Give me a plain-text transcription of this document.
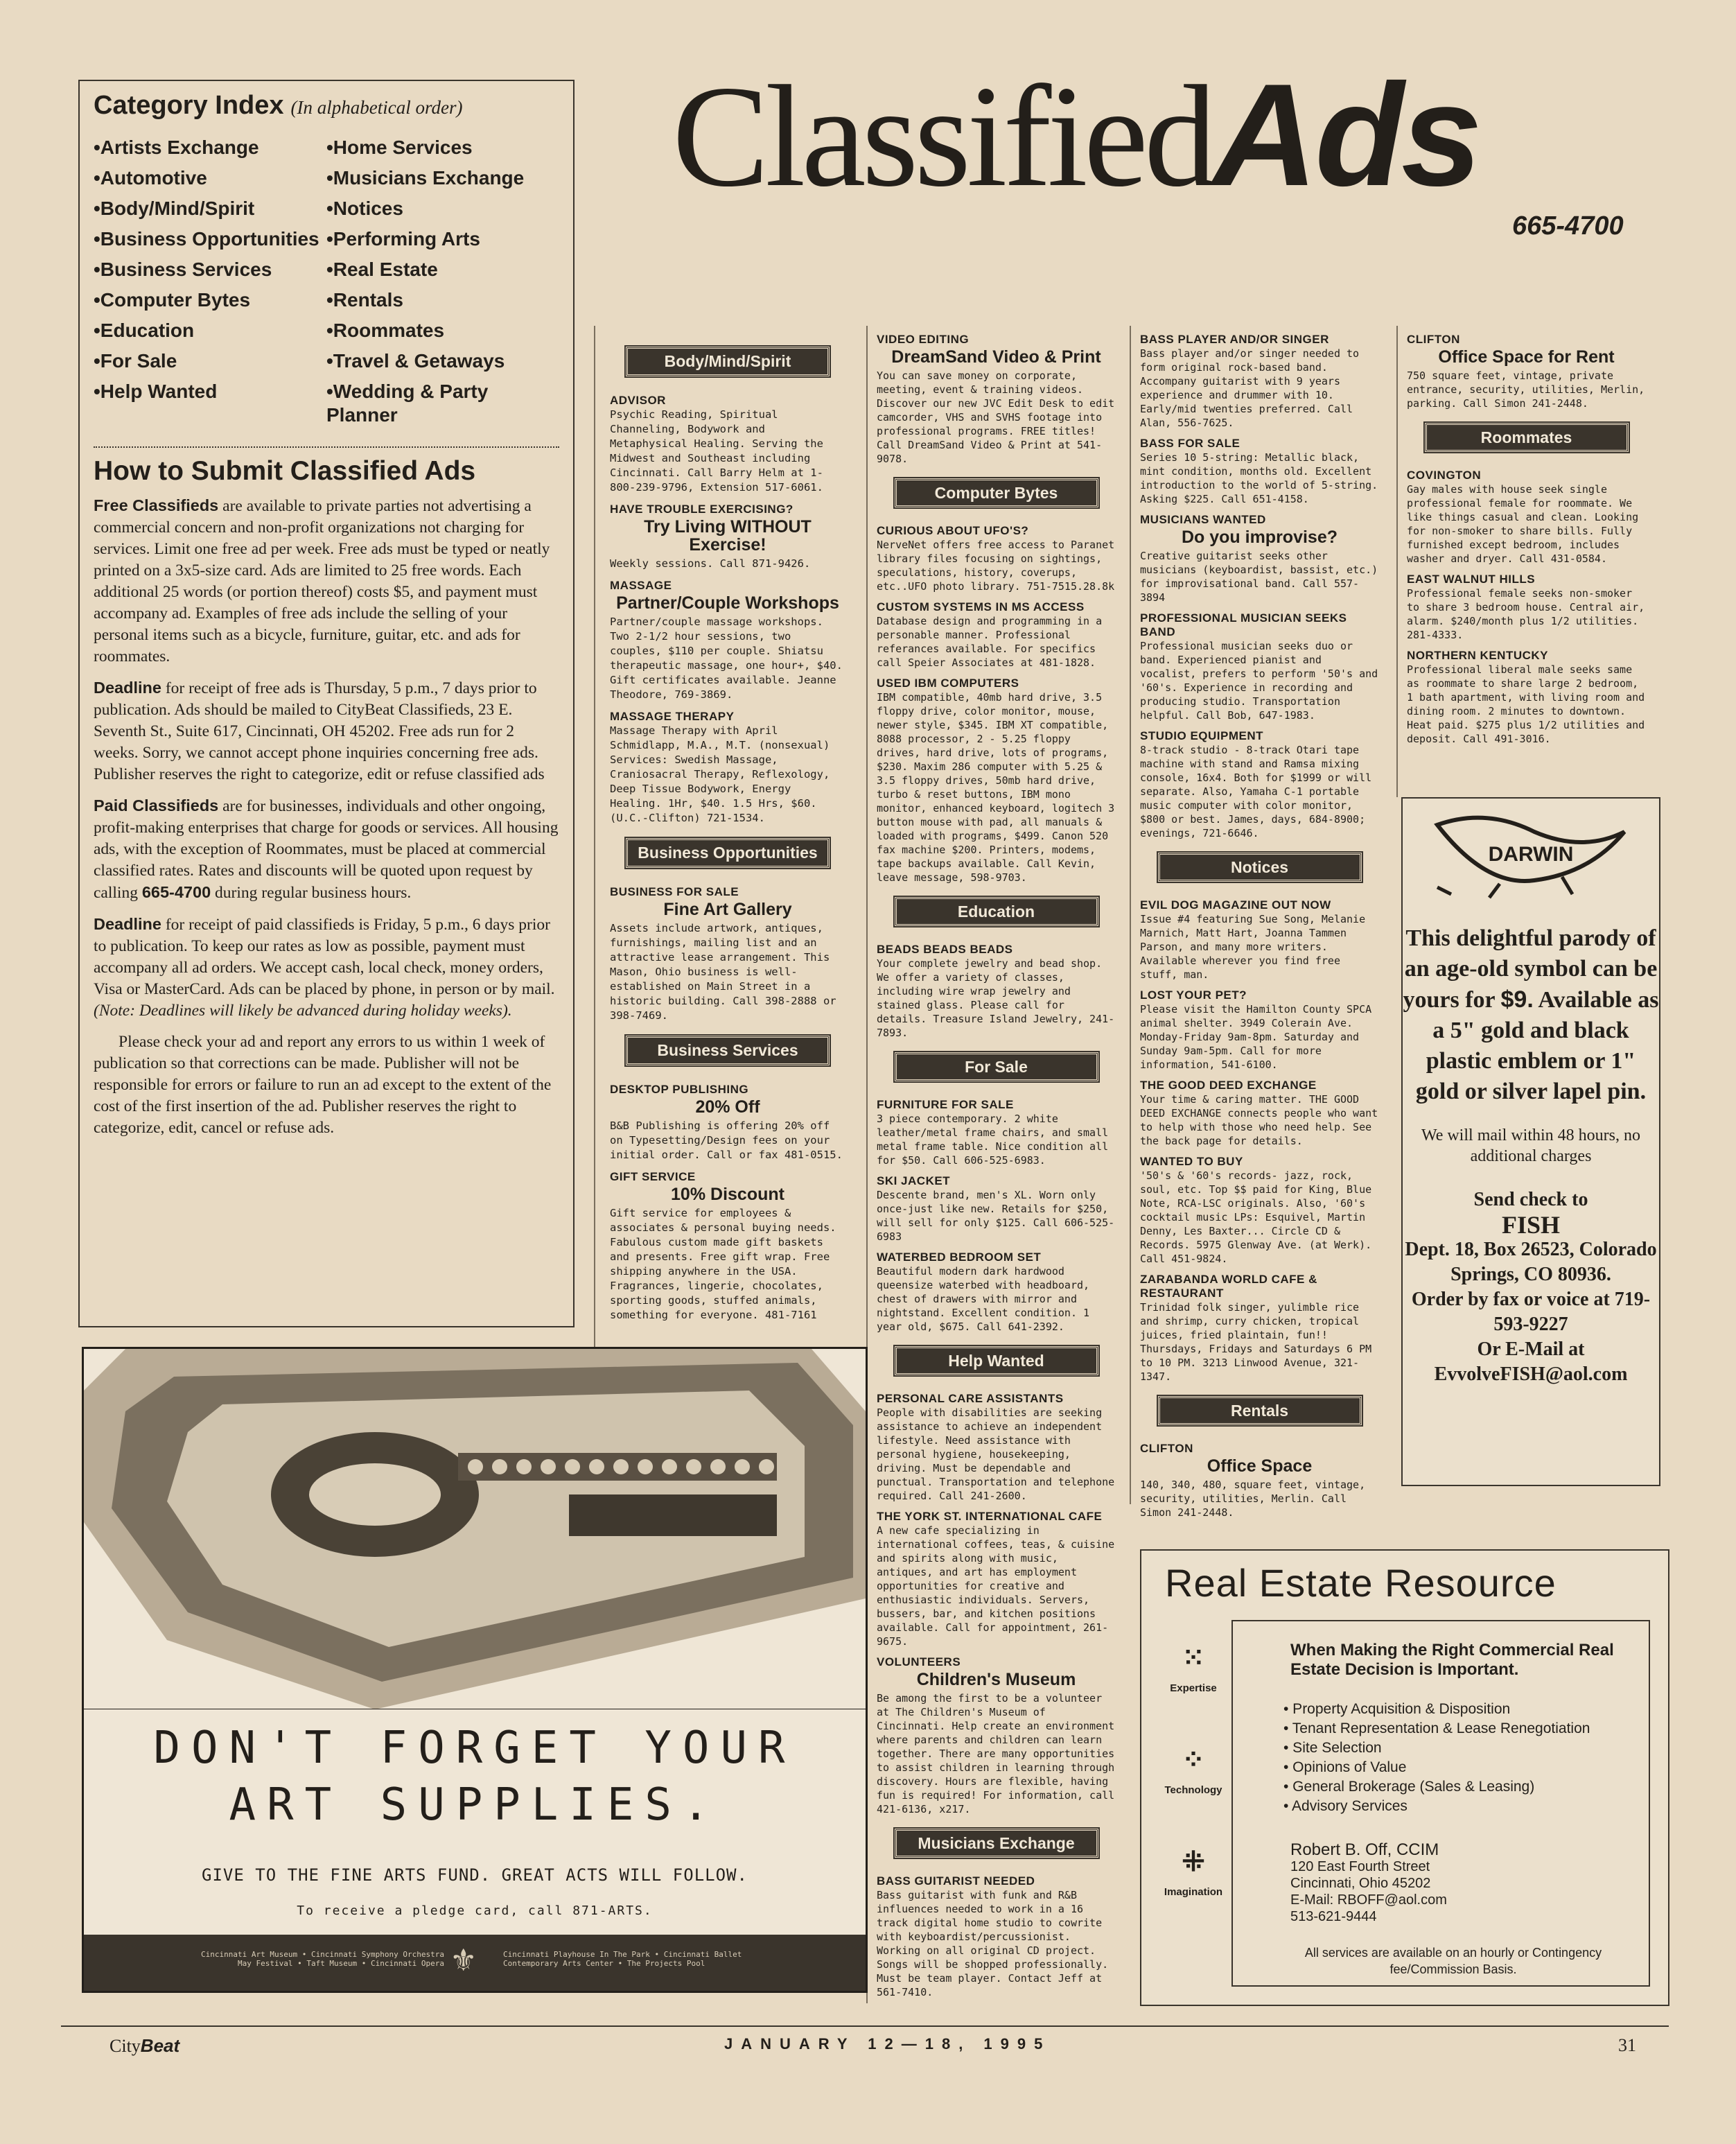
ClassifiedAds
665-4700
Category Index (In alphabetical order)
•Artists Exchange
•Automotive
•Body/Mind/Spirit
•Business Opportunities
•Business Services
•Computer Bytes
•Education
•For Sale
•Help Wanted
•Home Services
•Musicians Exchange
•Notices
•Performing Arts
•Real Estate
•Rentals
•Roommates
•Travel & Getaways
•Wedding & Party Planner
How to Submit Classified Ads

Free Classifieds are available to private parties not advertising a commercial concern and non-profit organizations not charging for services. Limit one free ad per week. Free ads must be typed or neatly printed on a 3x5-size card. Ads are limited to 25 free words. Each additional 25 words (or portion thereof) costs $5, and payment must accompany ad. Examples of free ads include the selling of your personal items such as a bicycle, furniture, guitar, etc. and ads for roommates.

Deadline for receipt of free ads is Thursday, 5 p.m., 7 days prior to publication. Ads should be mailed to CityBeat Classifieds, 23 E. Seventh St., Suite 617, Cincinnati, OH 45202. Free ads run for 2 weeks. Sorry, we cannot accept phone inquiries concerning free ads. Publisher reserves the right to categorize, edit or refuse classified ads

Paid Classifieds are for businesses, individuals and other ongoing, profit-making enterprises that charge for goods or services. All housing ads, with the exception of Roommates, must be placed at commercial classified rates. Rates and discounts will be quoted upon request by calling 665-4700 during regular business hours.

Deadline for receipt of paid classifieds is Friday, 5 p.m., 6 days prior to publication. To keep our rates as low as possible, payment must accompany all ad orders. We accept cash, local check, money orders, Visa or MasterCard. Ads can be placed by phone, in person or by mail. (Note: Deadlines will likely be advanced during holiday weeks).

Please check your ad and report any errors to us within 1 week of publication so that corrections can be made. Publisher will not be responsible for errors or failure to run an ad except to the extent of the cost of the first insertion of the ad. Publisher reserves the right to categorize, edit, cancel or refuse ads.

Body/Mind/Spirit
ADVISOR

Psychic Reading, Spiritual Channeling, Bodywork and Metaphysical Healing. Serving the Midwest and Southeast including Cincinnati. Call Barry Helm at 1-800-239-9796, Extension 517-6061.

HAVE TROUBLE EXERCISING?
Try Living WITHOUT Exercise!

Weekly sessions. Call 871-9426.

MASSAGE
Partner/Couple Workshops

Partner/couple massage workshops. Two 2-1/2 hour sessions, two couples, $110 per couple. Shiatsu therapeutic massage, one hour+, $40. Gift certificates available. Jeanne Theodore, 769-3869.

MASSAGE THERAPY

Massage Therapy with April Schmidlapp, M.A., M.T. (nonsexual) Services: Swedish Massage, Craniosacral Therapy, Reflexology, Deep Tissue Bodywork, Energy Healing. 1Hr, $40. 1.5 Hrs, $60. (U.C.-Clifton) 721-1534.

Business Opportunities
BUSINESS FOR SALE
Fine Art Gallery

Assets include artwork, antiques, furnishings, mailing list and an attractive lease arrangement. This Mason, Ohio business is well-established on Main Street in a historic building. Call 398-2888 or 398-7469.

Business Services
DESKTOP PUBLISHING
20% Off

B&B Publishing is offering 20% off on Typesetting/Design fees on your initial order. Call or fax 481-0515.

GIFT SERVICE
10% Discount

Gift service for employees & associates & personal buying needs. Fabulous custom made gift baskets and presents. Free gift wrap. Free shipping anywhere in the USA. Fragrances, lingerie, chocolates, sporting goods, stuffed animals, something for everyone. 481-7161

VIDEO EDITING
DreamSand Video & Print

You can save money on corporate, meeting, event & training videos. Discover our new JVC Edit Desk to edit camcorder, VHS and SVHS footage into professional programs. FREE titles! Call DreamSand Video & Print at 541-9078.

Computer Bytes
CURIOUS ABOUT UFO'S?

NerveNet offers free access to Paranet library files focusing on sightings, speculations, history, coverups, etc..UFO photo library. 751-7515.28.8k

CUSTOM SYSTEMS IN MS ACCESS

Database design and programming in a personable manner. Professional referances available. For specifics call Speier Associates at 481-1828.

USED IBM COMPUTERS

IBM compatible, 40mb hard drive, 3.5 floppy drive, color monitor, mouse, newer style, $345. IBM XT compatible, 8088 processor, 2 - 5.25 floppy drives, hard drive, lots of programs, $230. Maxim 286 computer with 5.25 & 3.5 floppy drives, 50mb hard drive, turbo & reset buttons, IBM mono monitor, enhanced keyboard, logitech 3 button mouse with pad, all manuals & loaded with programs, $499. Canon 520 fax machine $200. Printers, modems, tape backups available. Call Kevin, leave message, 598-9703.

Education
BEADS BEADS BEADS

Your complete jewelry and bead shop. We offer a variety of classes, including wire wrap jewelry and stained glass. Please call for details. Treasure Island Jewelry, 241-7893.

For Sale
FURNITURE FOR SALE

3 piece contemporary. 2 white leather/metal frame chairs, and small metal frame table. Nice condition all for $50. Call 606-525-6983.

SKI JACKET

Descente brand, men's XL. Worn only once-just like new. Retails for $250, will sell for only $125. Call 606-525-6983

WATERBED BEDROOM SET

Beautiful modern dark hardwood queensize waterbed with headboard, chest of drawers with mirror and nightstand. Excellent condition. 1 year old, $675. Call 641-2392.

Help Wanted
PERSONAL CARE ASSISTANTS

People with disabilities are seeking assistance to achieve an independent lifestyle. Need assistance with personal hygiene, housekeeping, driving. Must be dependable and punctual. Transportation and telephone required. Call 241-2600.

THE YORK ST. INTERNATIONAL CAFE

A new cafe specializing in international coffees, teas, & cuisine and spirits along with music, antiques, and art has employment opportunities for creative and enthusiastic individuals. Servers, bussers, bar, and kitchen positions available. Call for appointment, 261-9675.

VOLUNTEERS
Children's Museum

Be among the first to be a volunteer at The Children's Museum of Cincinnati. Help create an environment where parents and children can learn together. There are many opportunities to assist children in learning through discovery. Hours are flexible, having fun is required! For information, call 421-6136, x217.

Musicians Exchange
BASS GUITARIST NEEDED

Bass guitarist with funk and R&B influences needed to work in a 16 track digital home studio to cowrite with keyboardist/percussionist. Working on all original CD project. Songs will be shopped professionally. Must be team player. Contact Jeff at 561-7410.

BASS PLAYER AND/OR SINGER

Bass player and/or singer needed to form original rock-based band. Accompany guitarist with 9 years experience and drummer with 10. Early/mid twenties preferred. Call Alan, 556-7625.

BASS FOR SALE

Series 10 5-string: Metallic black, mint condition, months old. Excellent introduction to the world of 5-string. Asking $225. Call 651-4158.

MUSICIANS WANTED
Do you improvise?

Creative guitarist seeks other musicians (keyboardist, bassist, etc.) for improvisational band. Call 557-3894

PROFESSIONAL MUSICIAN SEEKS BAND

Professional musician seeks duo or band. Experienced pianist and vocalist, prefers to perform '50's and '60's. Experience in recording and producing studio. Transportation helpful. Call Bob, 647-1983.

STUDIO EQUIPMENT

8-track studio - 8-track Otari tape machine with stand and Ramsa mixing console, 16x4. Both for $1999 or will separate. Also, Yamaha C-1 portable music computer with color monitor, $800 or best. James, days, 684-8900; evenings, 721-6646.

Notices
EVIL DOG MAGAZINE OUT NOW

Issue #4 featuring Sue Song, Melanie Marnich, Matt Hart, Joanna Tammen Parson, and many more writers. Available wherever you find free stuff, man.

LOST YOUR PET?

Please visit the Hamilton County SPCA animal shelter. 3949 Colerain Ave. Monday-Friday 9am-8pm. Saturday and Sunday 9am-5pm. Call for more information, 541-6100.

THE GOOD DEED EXCHANGE

Your time & caring matter. THE GOOD DEED EXCHANGE connects people who want to help with those who need help. See the back page for details.

WANTED TO BUY

'50's & '60's records- jazz, rock, soul, etc. Top $$ paid for King, Blue Note, RCA-LSC originals. Also, '60's cocktail music LPs: Esquivel, Martin Denny, Les Baxter... Circle CD & Records. 5975 Glenway Ave. (at Werk). Call 451-9824.

ZARABANDA WORLD CAFE & RESTAURANT

Trinidad folk singer, yulimble rice and shrimp, curry chicken, tropical juices, fried plaintain, fun!! Thursdays, Fridays and Saturdays 6 PM to 10 PM. 3213 Linwood Avenue, 321-1347.

Rentals
CLIFTON
Office Space

140, 340, 480, square feet, vintage, security, utilities, Merlin. Call Simon 241-2448.

CLIFTON
Office Space for Rent

750 square feet, vintage, private entrance, security, utilities, Merlin, parking. Call Simon 241-2448.

Roommates
COVINGTON

Gay males with house seek single professional female for roommate. We like things casual and clean. Looking for non-smoker to share bills. Fully furnished except bedroom, includes washer and dryer. Call 431-0584.

EAST WALNUT HILLS

Professional female seeks non-smoker to share 3 bedroom house. Central air, alarm. $240/month plus 1/2 utilities. 281-4333.

NORTHERN KENTUCKY

Professional liberal male seeks same as roommate to share large 2 bedroom, 1 bath apartment, with living room and dining room. 2 minutes to downtown. Heat paid. $275 plus 1/2 utilities and deposit. Call 491-3016.

DARWIN
This delightful parody of an age-old symbol can be yours for $9. Available as a 5" gold and black plastic emblem or 1" gold or silver lapel pin.
We will mail within 48 hours, no additional charges
Send check to
FISH
Dept. 18, Box 26523, Colorado Springs, CO 80936.
Order by fax or voice at 719-593-9227
Or E-Mail at
EvvolveFISH@aol.com
Real Estate Resource
⁙
Expertise
⁘
Technology
⁜
Imagination
When Making the Right Commercial Real Estate Decision is Important.
• Property Acquisition & Disposition
• Tenant Representation & Lease Renegotiation
• Site Selection
• Opinions of Value
• General Brokerage (Sales & Leasing)
• Advisory Services
Robert B. Off, CCIM
120 East Fourth Street
Cincinnati, Ohio 45202
E-Mail: RBOFF@aol.com
513-621-9444
All services are available on an hourly or Contingency fee/Commission Basis.
DON'T FORGET YOUR
ART SUPPLIES.
GIVE TO THE FINE ARTS FUND. GREAT ACTS WILL FOLLOW.
To receive a pledge card, call 871-ARTS.
Cincinnati Art Museum • Cincinnati Symphony Orchestra
May Festival • Taft Museum • Cincinnati Opera ⚜	Cincinnati Playhouse In The Park • Cincinnati Ballet
Contemporary Arts Center • The Projects Pool
CityBeat	JANUARY 12—18, 1995	31
